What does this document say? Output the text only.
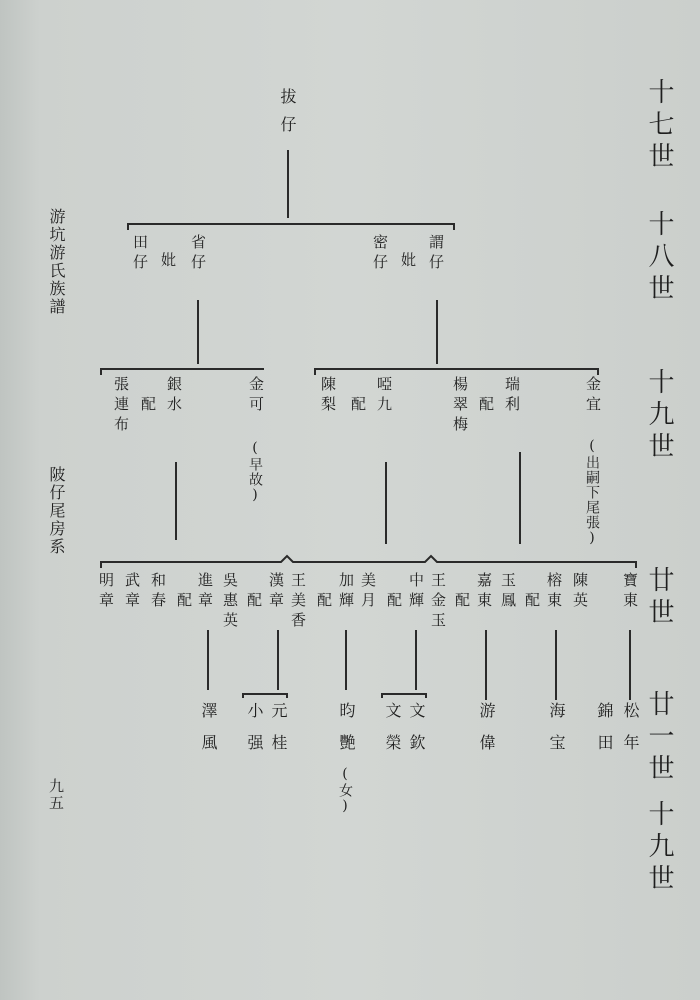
十七世
十八世
十九世
廿世
廿一世
十九世
游坑游氏族譜
陂仔尾房系
九五
拔仔
省仔
妣
田仔	謂仔
妣
密仔
銀水
配
張連布	金可
(早故)
啞九
配
陳梨	瑞利
配
楊翠梅	金宜
(出嗣下尾張)
和春
武章
明章	進章
配 吳惠英 漢章
配 王美香 加輝
配 美月 中輝
配 王金玉 嘉東
配 玉鳳 榕東
配 陳英 寶東
澤風	元桂
小强	昀艷
(女)
文欽
文榮	游偉	海宝	松年
錦田
